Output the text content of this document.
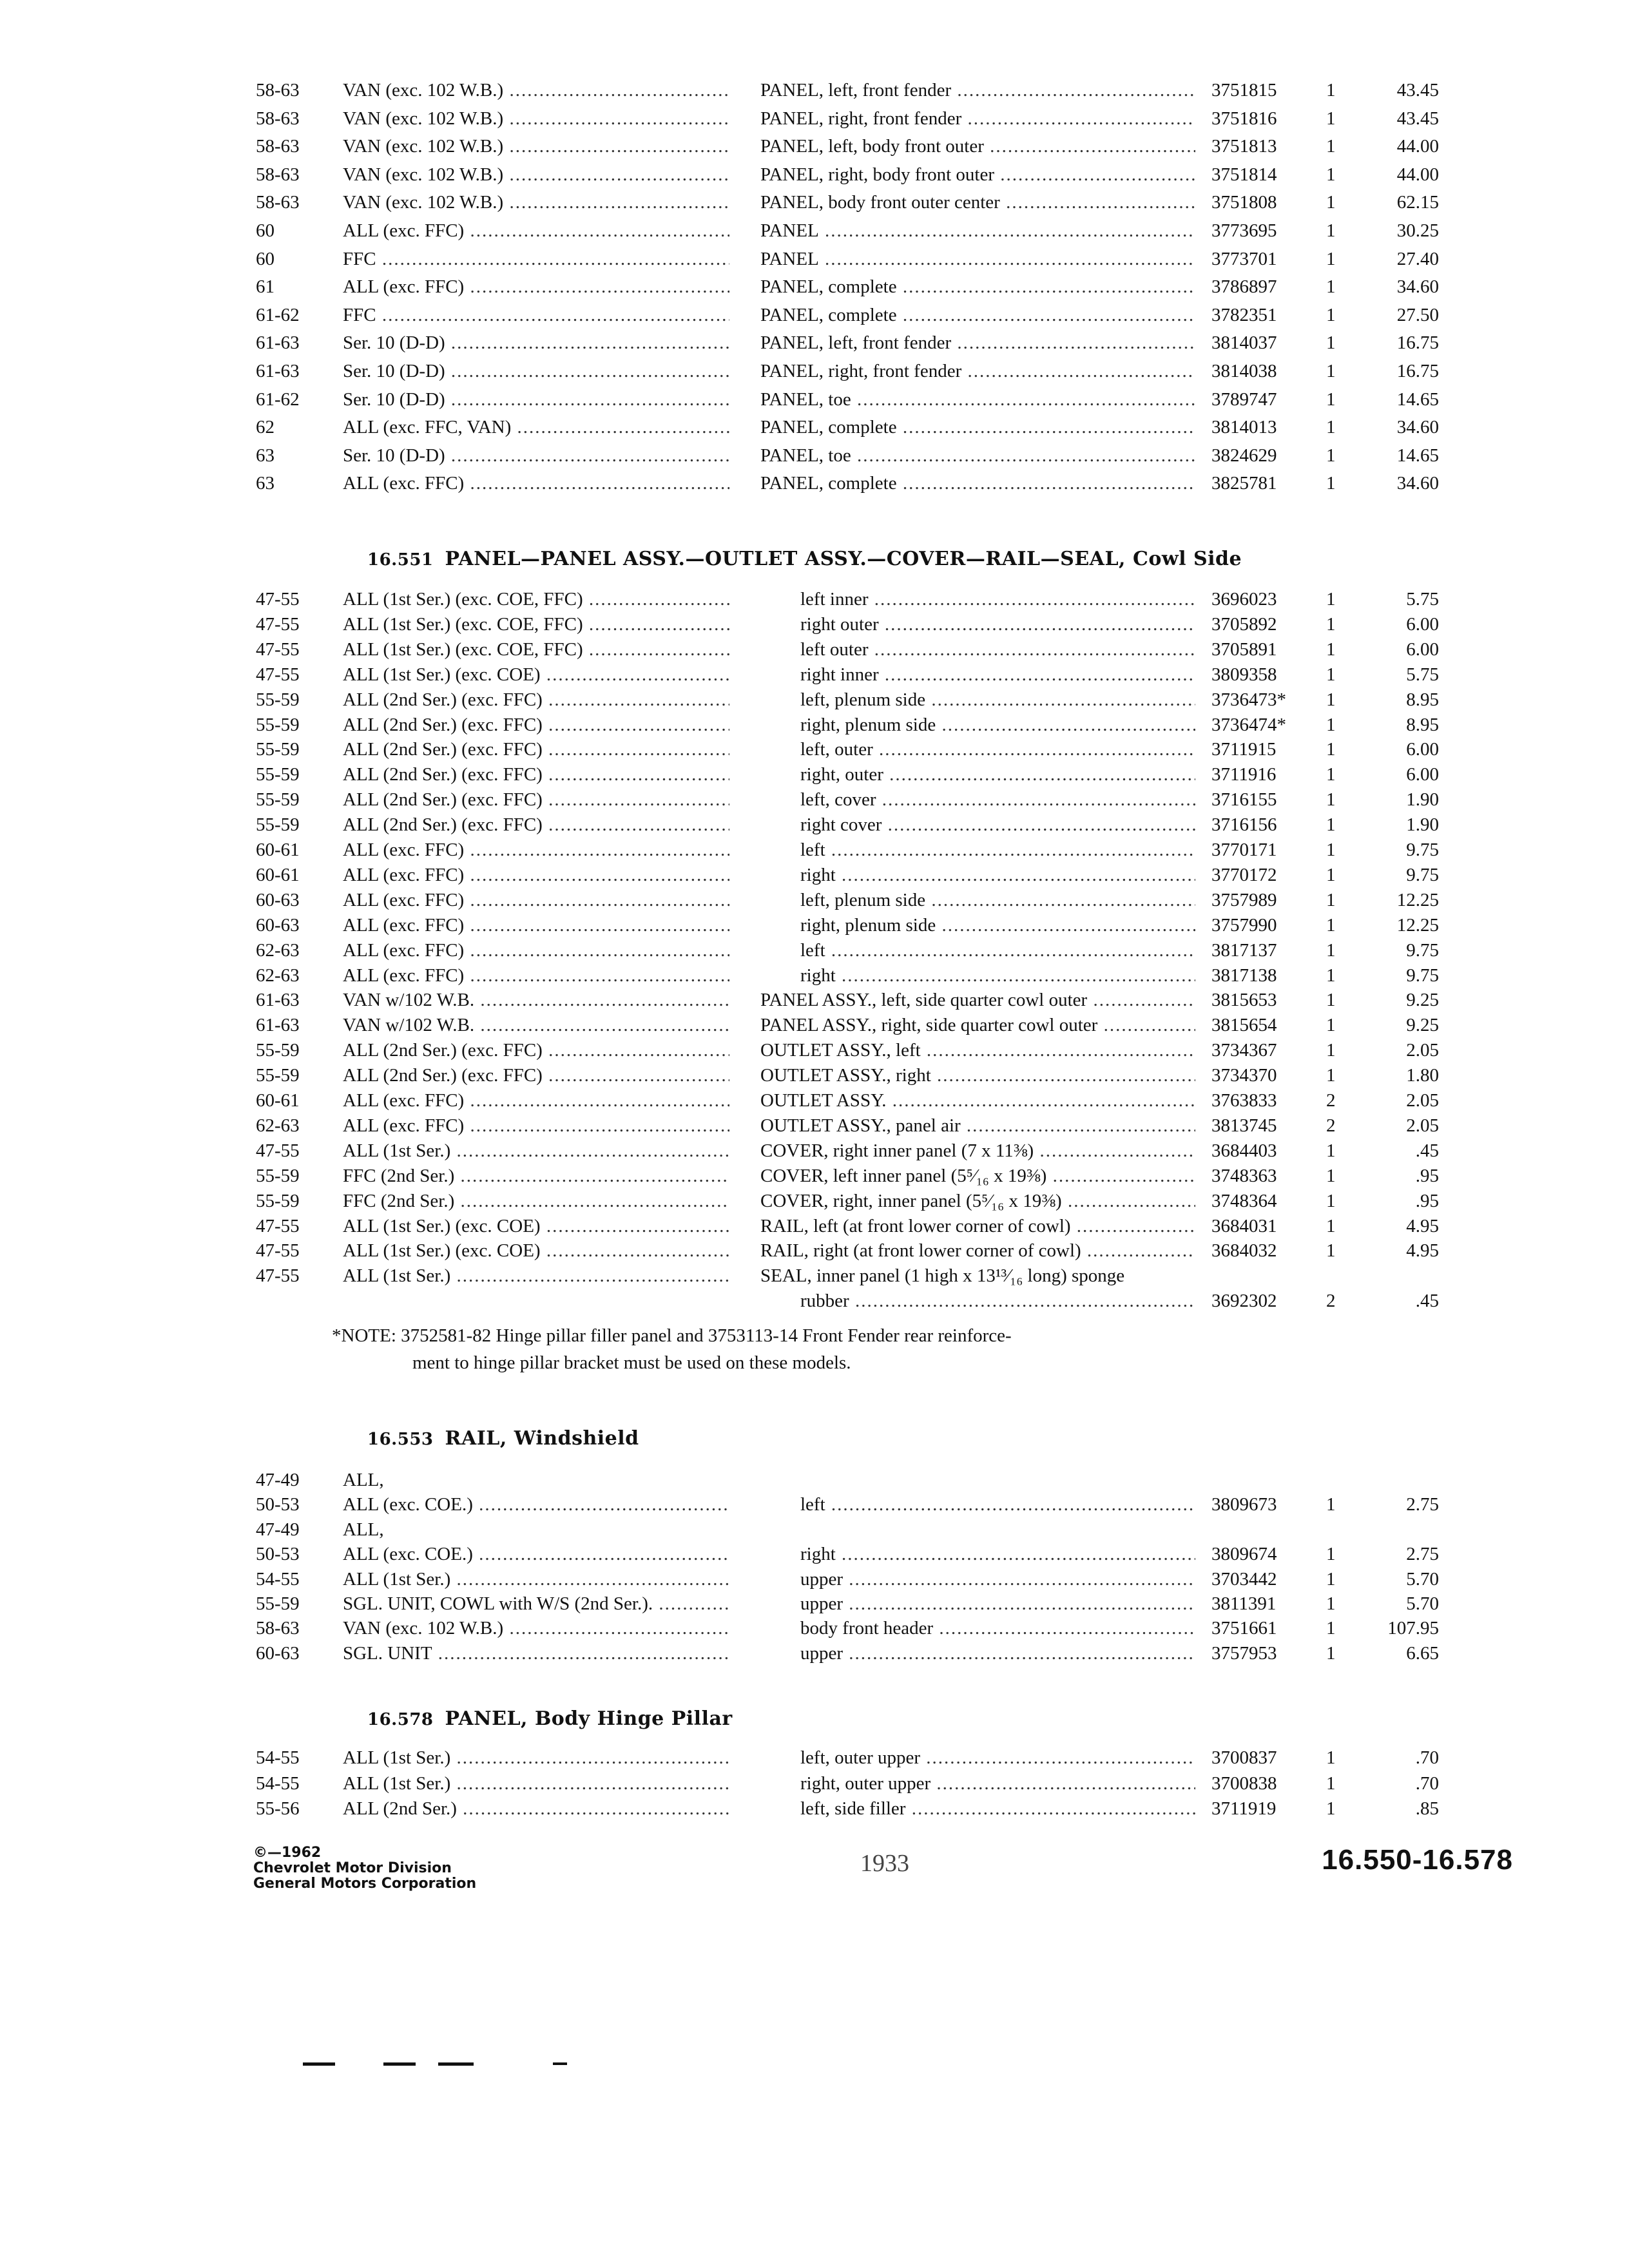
58-63 VAN (exc. 102 W.B.) .....	PANEL, left, front fender .....	3751815	1	43.45
58-63 VAN (exc. 102 W.B.) .....	PANEL, right, front fender .....	3751816	1	43.45
58-63 VAN (exc. 102 W.B.) .....	PANEL, left, body front outer .....	3751813	1	44.00
58-63 VAN (exc. 102 W.B.) .....	PANEL, right, body front outer .....	3751814	1	44.00
58-63 VAN (exc. 102 W.B.) .....	PANEL, body front outer center .....	3751808	1	62.15
60	ALL (exc. FFC) .....	PANEL .....	3773695	1	30.25
60	FFC .....	PANEL .....	3773701	1	27.40
61	ALL (exc. FFC) .....	PANEL, complete .....	3786897	1	34.60
61-62 FFC .....	PANEL, complete .....	3782351	1	27.50
61-63 Ser. 10 (D-D) .....	PANEL, left, front fender .....	3814037	1	16.75
61-63 Ser. 10 (D-D) .....	PANEL, right, front fender .....	3814038	1	16.75
61-62 Ser. 10 (D-D) .....	PANEL, toe .....	3789747	1	14.65
62	ALL (exc. FFC, VAN) .....	PANEL, complete .....	3814013	1	34.60
63	Ser. 10 (D-D) .....	PANEL, toe .....	3824629	1	14.65
63	ALL (exc. FFC) .....	PANEL, complete .....	3825781	1	34.60
16.551 PANEL—PANEL ASSY.—OUTLET ASSY.—COVER—RAIL—SEAL, Cowl Side
47-55 ALL (1st Ser.) (exc. COE, FFC) .....	left inner .....	3696023	1	5.75
47-55 ALL (1st Ser.) (exc. COE, FFC) .....	right outer .....	3705892	1	6.00
47-55 ALL (1st Ser.) (exc. COE, FFC) .....	left outer .....	3705891	1	6.00
47-55 ALL (1st Ser.) (exc. COE) .....	right inner .....	3809358	1	5.75
55-59 ALL (2nd Ser.) (exc. FFC) .....	left, plenum side .....	3736473* 1	8.95
55-59 ALL (2nd Ser.) (exc. FFC) .....	right, plenum side .....	3736474* 1	8.95
55-59 ALL (2nd Ser.) (exc. FFC) .....	left, outer .....	3711915	1	6.00
55-59 ALL (2nd Ser.) (exc. FFC) .....	right, outer .....	3711916	1	6.00
55-59 ALL (2nd Ser.) (exc. FFC) .....	left, cover .....	3716155	1	1.90
55-59 ALL (2nd Ser.) (exc. FFC) .....	right cover .....	3716156	1	1.90
60-61 ALL (exc. FFC) .....	left .....	3770171	1	9.75
60-61 ALL (exc. FFC) .....	right .....	3770172	1	9.75
60-63 ALL (exc. FFC) .....	left, plenum side .....	3757989	1	12.25
60-63 ALL (exc. FFC) .....	right, plenum side .....	3757990	1	12.25
62-63 ALL (exc. FFC) .....	left .....	3817137	1	9.75
62-63 ALL (exc. FFC) .....	right .....	3817138	1	9.75
61-63 VAN w/102 W.B. .....	PANEL ASSY., left, side quarter cowl outer .....	3815653	1	9.25
61-63 VAN w/102 W.B. .....	PANEL ASSY., right, side quarter cowl outer .....	3815654	1	9.25
55-59 ALL (2nd Ser.) (exc. FFC) .....	OUTLET ASSY., left .....	3734367	1	2.05
55-59 ALL (2nd Ser.) (exc. FFC) .....	OUTLET ASSY., right .....	3734370	1	1.80
60-61 ALL (exc. FFC) .....	OUTLET ASSY. .....	3763833	2	2.05
62-63 ALL (exc. FFC) .....	OUTLET ASSY., panel air .....	3813745	2	2.05
47-55 ALL (1st Ser.) .....	COVER, right inner panel (7 x 11⅜) .....	3684403	1	.45
55-59 FFC (2nd Ser.) .....	COVER, left inner panel (5⁵⁄₁₆ x 19⅜) .....	3748363	1	.95
55-59 FFC (2nd Ser.) .....	COVER, right, inner panel (5⁵⁄₁₆ x 19⅜) .....	3748364	1	.95
47-55 ALL (1st Ser.) (exc. COE) .....	RAIL, left (at front lower corner of cowl) .....	3684031	1	4.95
47-55 ALL (1st Ser.) (exc. COE) .....	RAIL, right (at front lower corner of cowl) .....	3684032	1	4.95
47-55 ALL (1st Ser.) .....	SEAL, inner panel (1 high x 13¹³⁄₁₆ long) sponge
rubber .....	3692302	2	.45
*NOTE: 3752581-82 Hinge pillar filler panel and 3753113-14 Front Fender rear reinforce-
ment to hinge pillar bracket must be used on these models.
16.553 RAIL, Windshield
47-49 ALL,
50-53 ALL (exc. COE.) .....	left .....	3809673	1	2.75
47-49 ALL,
50-53 ALL (exc. COE.) .....	right .....	3809674	1	2.75
54-55 ALL (1st Ser.) .....	upper .....	3703442	1	5.70
55-59 SGL. UNIT, COWL with W/S (2nd Ser.). .....	upper .....	3811391	1	5.70
58-63 VAN (exc. 102 W.B.) .....	body front header .....	3751661	1	107.95
60-63 SGL. UNIT .....	upper .....	3757953	1	6.65
16.578 PANEL, Body Hinge Pillar
54-55 ALL (1st Ser.) .....	left, outer upper .....	3700837	1	.70
54-55 ALL (1st Ser.) .....	right, outer upper .....	3700838	1	.70
55-56 ALL (2nd Ser.) .....	left, side filler .....	3711919	1	.85
©—1962
Chevrolet Motor Division
General Motors Corporation
1933	16.550-16.578
